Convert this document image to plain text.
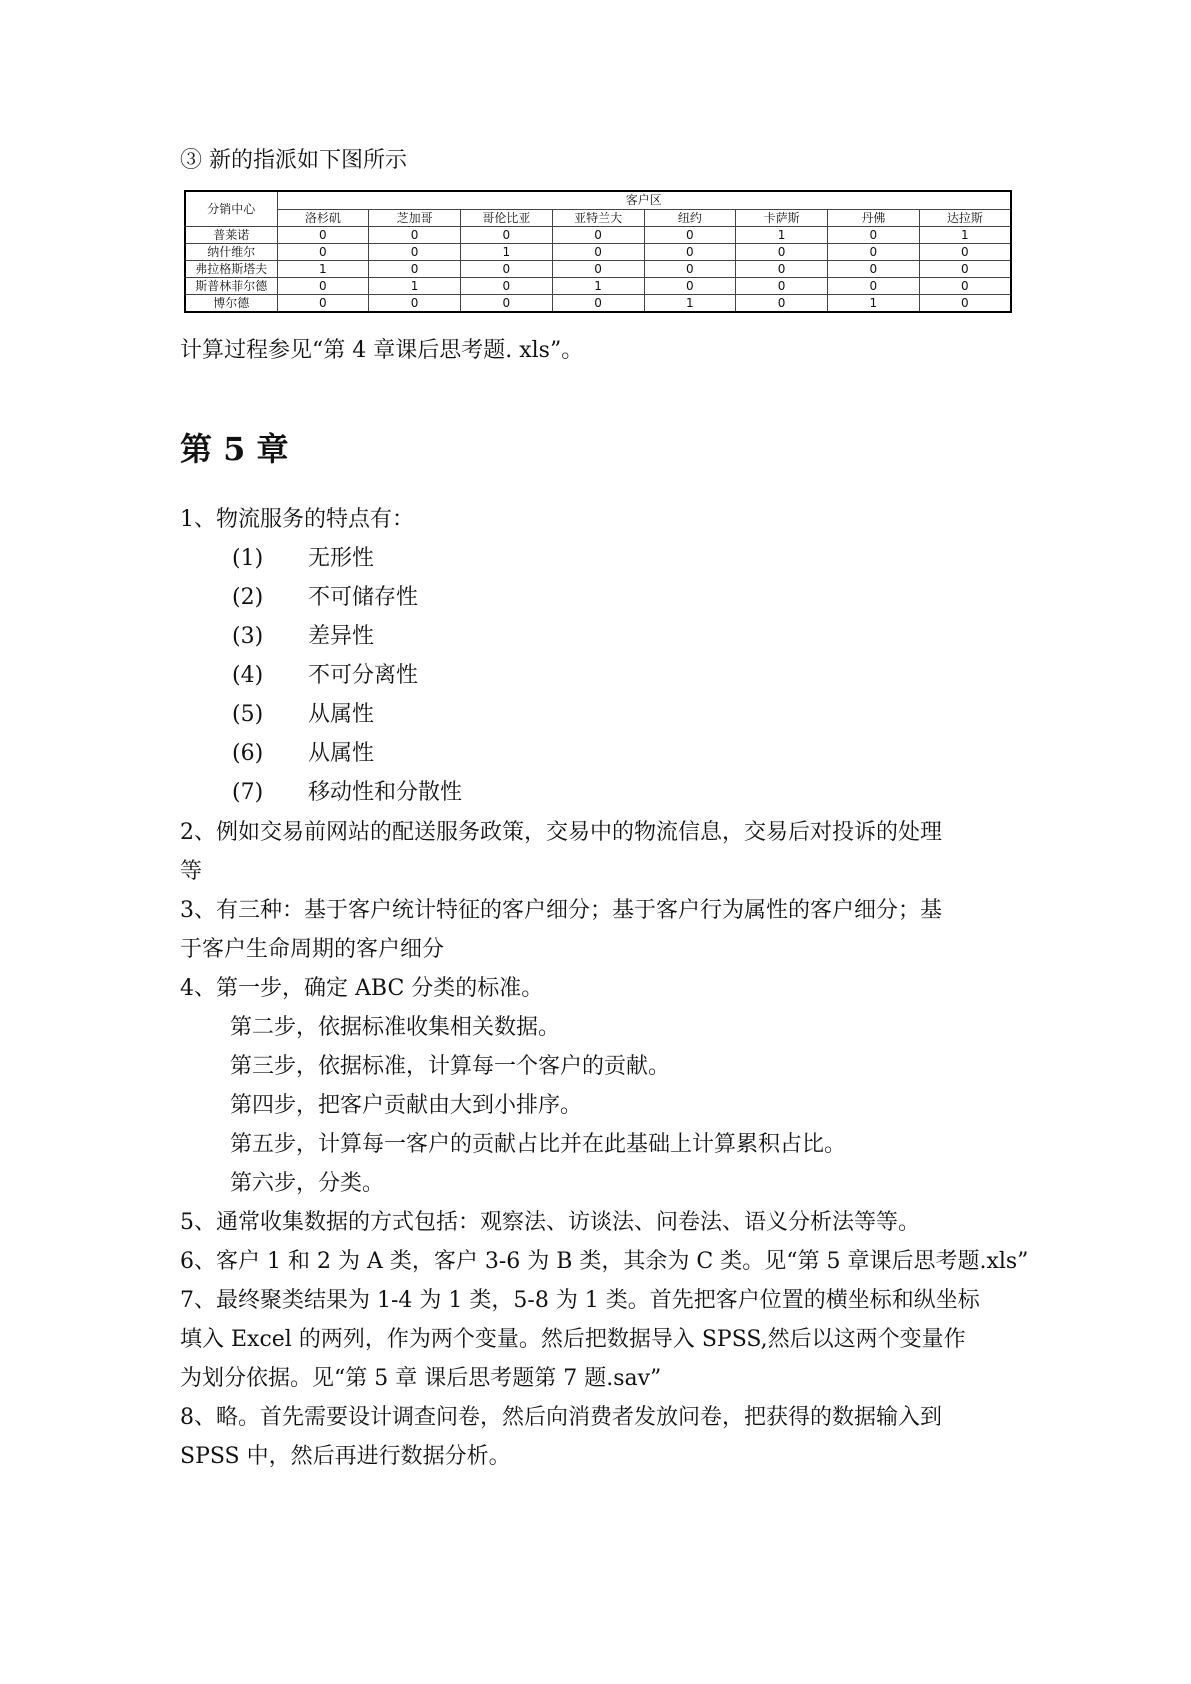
③ 新的指派如下图所示
分销中心	客户区							
	洛杉矶	芝加哥	哥伦比亚	亚特兰大	纽约	卡萨斯	丹佛	达拉斯
普莱诺	0	0	0	0	0	1	0	1
纳什维尔	0	0	1	0	0	0	0	0
弗拉格斯塔夫	1	0	0	0	0	0	0	0
斯普林菲尔德	0	1	0	1	0	0	0	0
博尔德	0	0	0	0	1	0	1	0
计算过程参见“第 4 章课后思考题. xls”。
第 5 章
1、物流服务的特点有：
(1) 无形性
(2) 不可储存性
(3) 差异性
(4) 不可分离性
(5) 从属性
(6) 从属性
(7) 移动性和分散性
2、例如交易前网站的配送服务政策，交易中的物流信息，交易后对投诉的处理
等
3、有三种：基于客户统计特征的客户细分；基于客户行为属性的客户细分；基
于客户生命周期的客户细分
4、第一步，确定 ABC 分类的标准。
第二步，依据标准收集相关数据。
第三步，依据标准，计算每一个客户的贡献。
第四步，把客户贡献由大到小排序。
第五步，计算每一客户的贡献占比并在此基础上计算累积占比。
第六步，分类。
5、通常收集数据的方式包括：观察法、访谈法、问卷法、语义分析法等等。
6、客户 1 和 2 为 A 类，客户 3-6 为 B 类，其余为 C 类。见“第 5 章课后思考题.xls”
7、最终聚类结果为 1-4 为 1 类，5-8 为 1 类。首先把客户位置的横坐标和纵坐标
填入 Excel 的两列，作为两个变量。然后把数据导入 SPSS,然后以这两个变量作
为划分依据。见“第 5 章 课后思考题第 7 题.sav”
8、略。首先需要设计调查问卷，然后向消费者发放问卷，把获得的数据输入到
SPSS 中，然后再进行数据分析。
